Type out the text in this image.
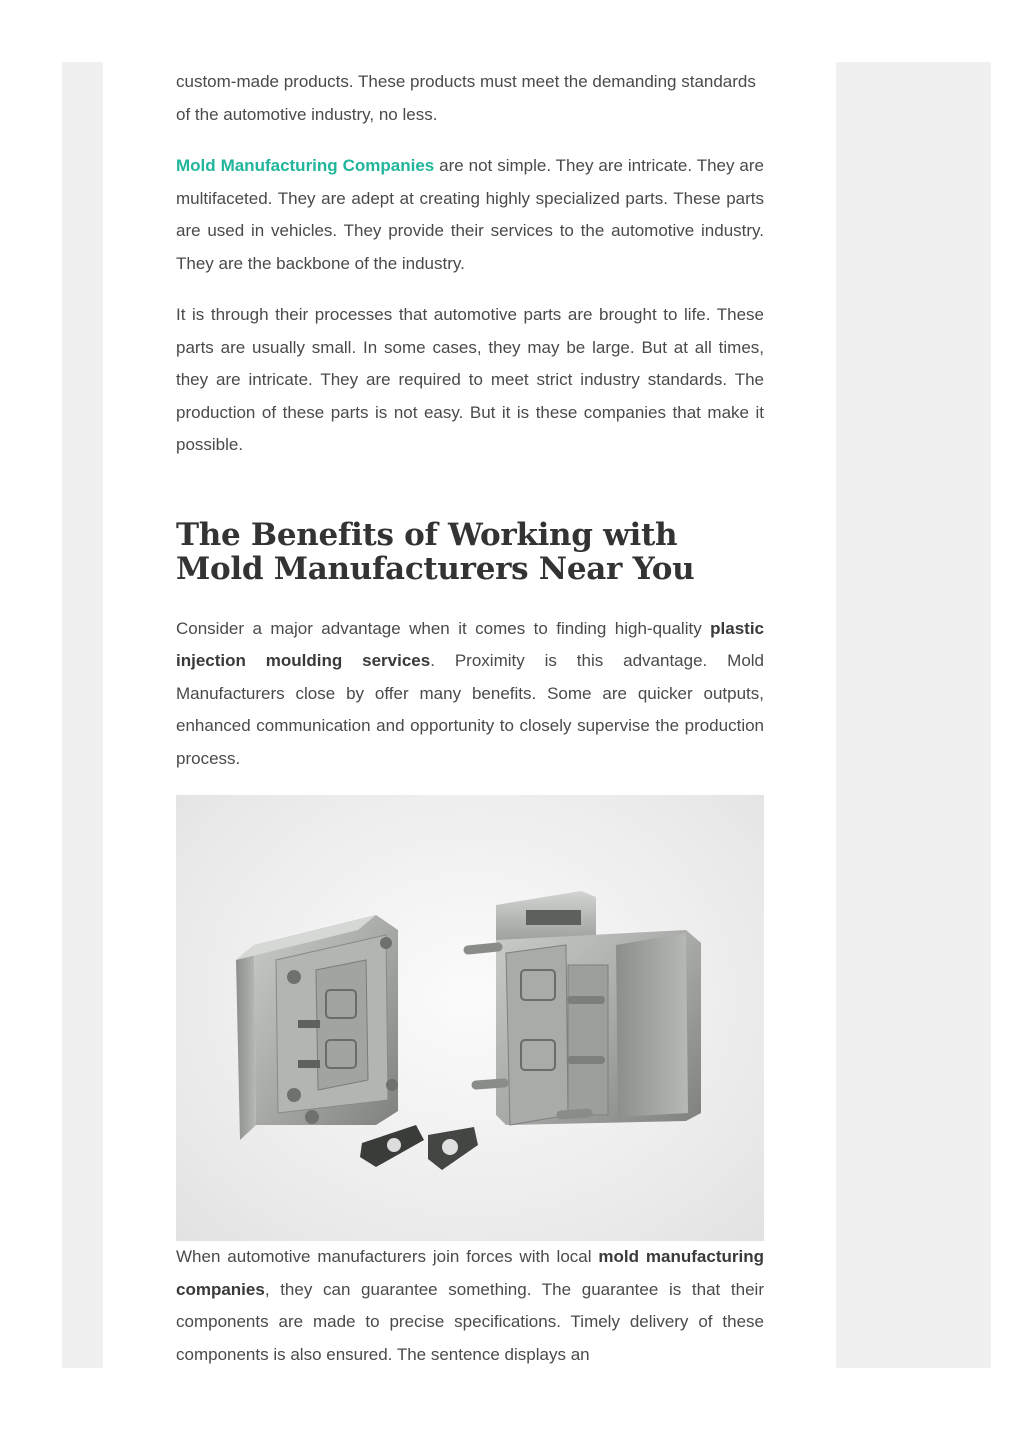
custom-made products. These products must meet the demanding standards of the automotive industry, no less.

Mold Manufacturing Companies are not simple. They are intricate. They are multifaceted. They are adept at creating highly specialized parts. These parts are used in vehicles. They provide their services to the automotive industry. They are the backbone of the industry.

It is through their processes that automotive parts are brought to life. These parts are usually small. In some cases, they may be large. But at all times, they are intricate. They are required to meet strict industry standards. The production of these parts is not easy. But it is these companies that make it possible.

The Benefits of Working with Mold Manufacturers Near You

Consider a major advantage when it comes to finding high-quality plastic injection moulding services. Proximity is this advantage. Mold Manufacturers close by offer many benefits. Some are quicker outputs, enhanced communication and opportunity to closely supervise the production process.

When automotive manufacturers join forces with local mold manufacturing companies, they can guarantee something. The guarantee is that their components are made to precise specifications. Timely delivery of these components is also ensured. The sentence displays an
